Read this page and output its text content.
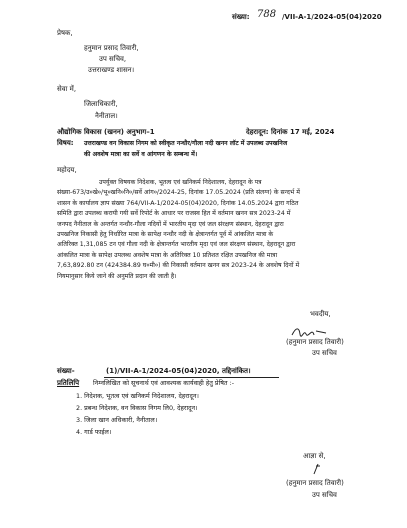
संख्या: 788 /VII-A-1/2024-05(04)2020
प्रेषक,
हनुमान प्रसाद तिवारी,
उप सचिव,
उत्तराखण्ड शासन।
सेवा में,
जिलाधिकारी,
नैनीताल।
औद्योगिक विकास (खनन) अनुभाग–1	देहरादून: दिनांक 17 मई, 2024
विषय: उत्तराखण्ड वन विकास निगम को स्वीकृत नन्धौर/गौला नदी खनन लॉट में उपलब्ध उपखनिज
की अवशेष मात्रा का सर्वे व आंगणन के सम्बन्ध में।
महोदय,
उपर्युक्त विषयक निदेशक, भूतत्व एवं खनिकर्म निदेशालय, देहरादून के पत्र
संख्या-673/उ०खे०/भू०खनि०नि०/सर्वे आंग०/2024-25, दिनांक 17.05.2024 (प्रति संलग्न) के सन्दर्भ में
शासन के कार्यालय ज्ञाप संख्या 764/VII-A-1/2024-05(04)2020, दिनांक 14.05.2024 द्वारा गठित
समिति द्वारा उपलब्ध करायी गयी सर्वे रिपोर्ट के आधार पर राजस्व हित में वर्तमान खनन सत्र 2023-24 में
जनपद नैनीताल के अन्तर्गत नन्धौर-गौला नदियों में भारतीय मृदा एवं जल संरक्षण संस्थान, देहरादून द्वारा
उपखनिज निकासी हेतु निर्धारित मात्रा के सापेक्ष नन्धौर नदी के क्षेत्रान्तर्गत पूर्व में आंकलित मात्रा के
अतिरिक्त 1,31,085 टन एवं गौला नदी के क्षेत्रान्तर्गत भारतीय मृदा एवं जल संरक्षण संस्थान, देहरादून द्वारा
आंकलित मात्रा के सापेक्ष उपलब्ध अवशेष मात्रा के अतिरिक्त 10 प्रतिशत रक्षित उपखनिज की मात्रा
7,63,892.80 टन (424384.89 घ०मी०) की निकासी वर्तमान खनन सत्र 2023-24 के अवशेष दिनों में
नियमानुसार किये जाने की अनुमति प्रदान की जाती है।
भवदीय,
(हनुमान प्रसाद तिवारी)
उप सचिव
संख्या-	(1)/VII-A-1/2024-05(04)2020, तद्दिनांकित।
प्रतिलिपि निम्नलिखित को सूचनार्थ एवं आवश्यक कार्यवाही हेतु प्रेषित :-
1. निदेशक, भूतत्व एवं खनिकर्म निदेशालय, देहरादून।
2. प्रबन्ध निदेशक, वन विकास निगम लि0, देहरादून।
3. जिला खान अधिकारी, नैनीताल।
4. गार्ड फाईल।
आज्ञा से,
(हनुमान प्रसाद तिवारी)
उप सचिव
